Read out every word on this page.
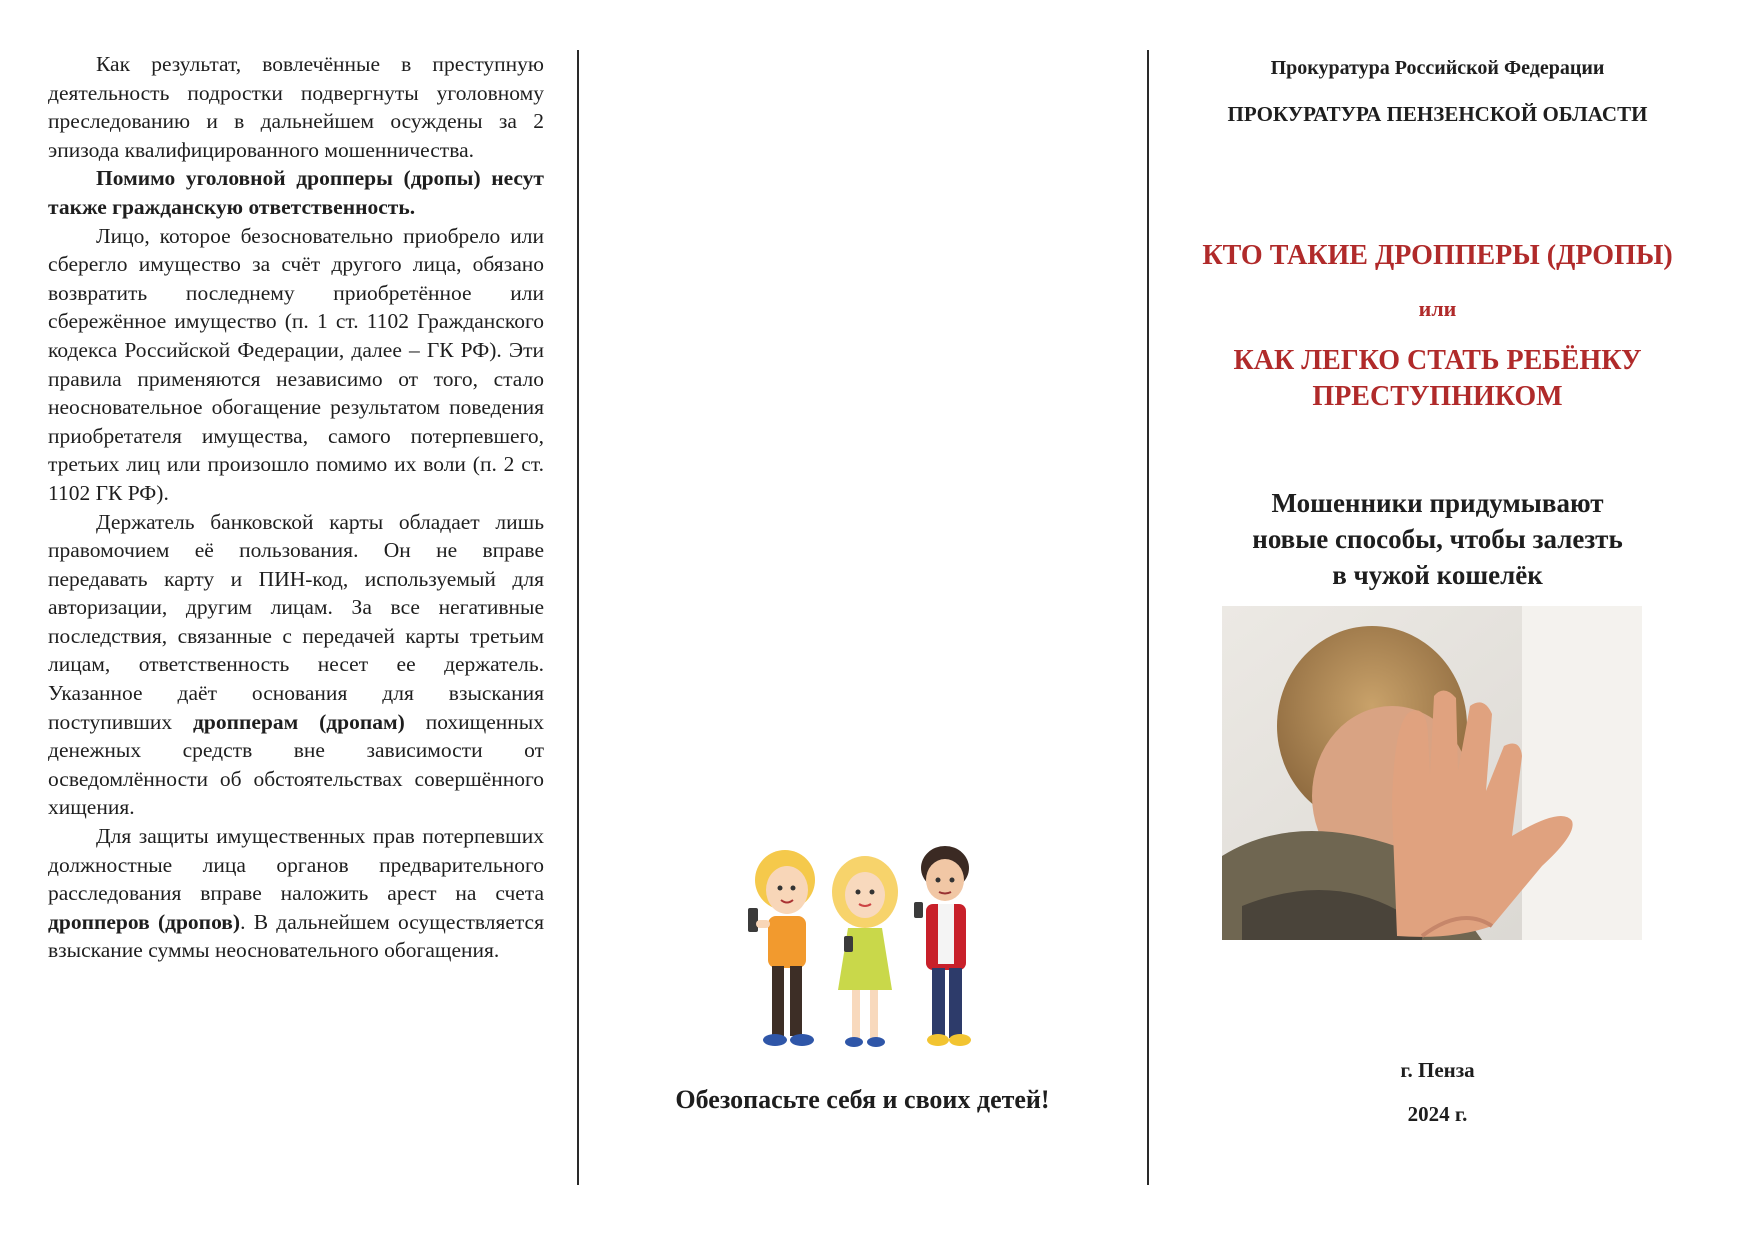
Как результат, вовлечённые в преступную деятельность подростки подвергнуты уголовному преследованию и в дальнейшем осуждены за 2 эпизода квалифицированного мошенничества.

Помимо уголовной дропперы (дропы) несут также гражданскую ответственность.

Лицо, которое безосновательно приобрело или сберегло имущество за счёт другого лица, обязано возвратить последнему приобретённое или сбережённое имущество (п. 1 ст. 1102 Гражданского кодекса Российской Федерации, далее – ГК РФ). Эти правила применяются независимо от того, стало неосновательное обогащение результатом поведения приобретателя имущества, самого потерпевшего, третьих лиц или произошло помимо их воли (п. 2 ст. 1102 ГК РФ).

Держатель банковской карты обладает лишь правомочием её пользования. Он не вправе передавать карту и ПИН-код, используемый для авторизации, другим лицам. За все негативные последствия, связанные с передачей карты третьим лицам, ответственность несет ее держатель. Указанное даёт основания для взыскания поступивших дропперам (дропам) похищенных денежных средств вне зависимости от осведомлённости об обстоятельствах совершённого хищения.

Для защиты имущественных прав потерпевших должностные лица органов предварительного расследования вправе наложить арест на счета дропперов (дропов). В дальнейшем осуществляется взыскание суммы неосновательного обогащения.

Обезопасьте себя и своих детей!
Прокуратура Российской Федерации
ПРОКУРАТУРА ПЕНЗЕНСКОЙ ОБЛАСТИ
КТО ТАКИЕ ДРОППЕРЫ (ДРОПЫ)
или
КАК ЛЕГКО СТАТЬ РЕБЁНКУ
ПРЕСТУПНИКОМ
Мошенники придумывают
новые способы, чтобы залезть
в чужой кошелёк
г. Пенза
2024 г.
